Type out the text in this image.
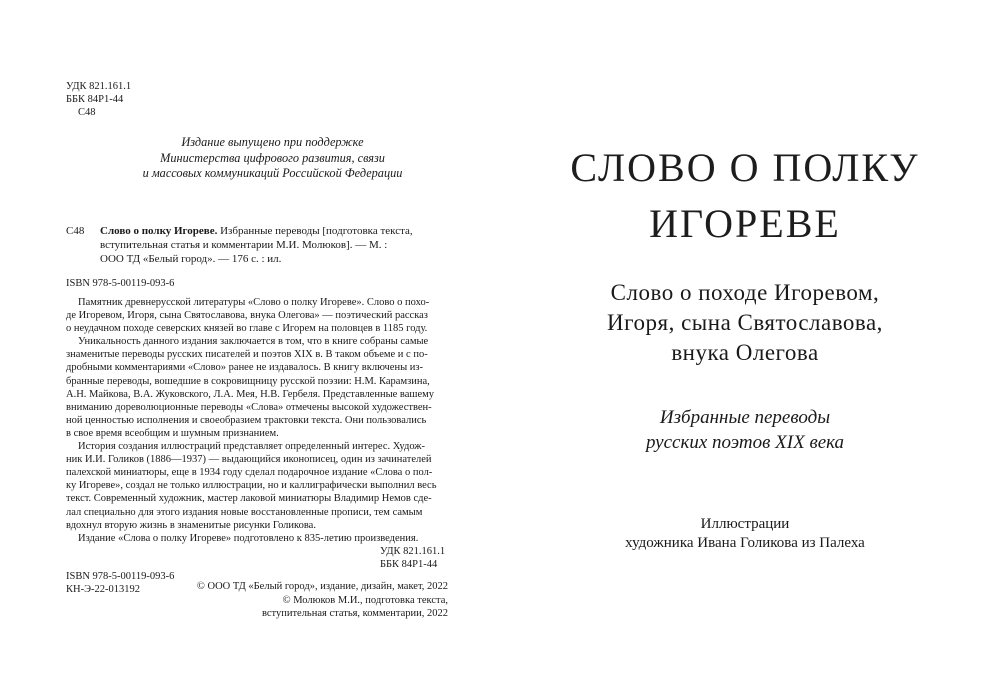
УДК 821.161.1
ББК 84Р1-44
С48
Издание выпущено при поддержке
Министерства цифрового развития, связи
и массовых коммуникаций Российской Федерации
С48 Слово о полку Игореве. Избранные переводы [подготовка текста,
вступительная статья и комментарии М.И. Молюков]. — М. :
ООО ТД «Белый город». — 176 с. : ил.
ISBN 978-5-00119-093-6
Памятник древнерусской литературы «Слово о полку Игореве». Слово о похо-
де Игоревом, Игоря, сына Святославова, внука Олегова» — поэтический рассказ
о неудачном походе северских князей во главе с Игорем на половцев в 1185 году.
Уникальность данного издания заключается в том, что в книге собраны самые
знаменитые переводы русских писателей и поэтов XIX в. В таком объеме и с по-
дробными комментариями «Слово» ранее не издавалось. В книгу включены из-
бранные переводы, вошедшие в сокровищницу русской поэзии: Н.М. Карамзина,
А.Н. Майкова, В.А. Жуковского, Л.А. Мея, Н.В. Гербеля. Представленные вашему
вниманию дореволюционные переводы «Слова» отмечены высокой художествен-
ной ценностью исполнения и своеобразием трактовки текста. Они пользовались
в свое время всеобщим и шумным признанием.
История создания иллюстраций представляет определенный интерес. Худож-
ник И.И. Голиков (1886—1937) — выдающийся иконописец, один из зачинателей
палехской миниатюры, еще в 1934 году сделал подарочное издание «Слова о пол-
ку Игореве», создал не только иллюстрации, но и каллиграфически выполнил весь
текст. Современный художник, мастер лаковой миниатюры Владимир Немов сде-
лал специально для этого издания новые восстановленные прописи, тем самым
вдохнул вторую жизнь в знаменитые рисунки Голикова.
Издание «Слова о полку Игореве» подготовлено к 835-летию произведения.
УДК 821.161.1
ББК 84Р1-44
ISBN 978-5-00119-093-6
КН-Э-22-013192	© ООО ТД «Белый город», издание, дизайн, макет, 2022
© Молюков М.И., подготовка текста,
вступительная статья, комментарии, 2022
СЛОВО О ПОЛКУ
ИГОРЕВЕ
Слово о походе Игоревом,
Игоря, сына Святославова,
внука Олегова
Избранные переводы
русских поэтов XIX века
Иллюстрации
художника Ивана Голикова из Палеха
